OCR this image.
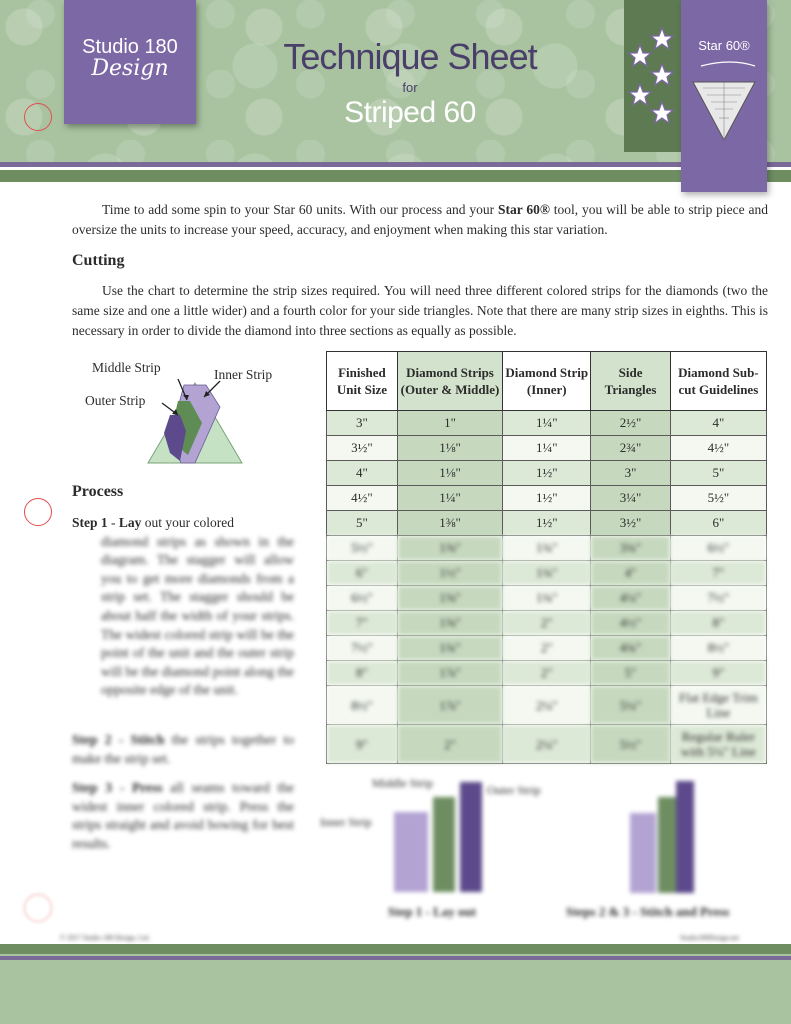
Studio 180
Design	Technique Sheet
for
Striped 60
Star 60®
Time to add some spin to your Star 60 units. With our process and your Star 60® tool, you will be able to strip piece and oversize the units to increase your speed, accuracy, and enjoyment when making this star variation.
Cutting
Use the chart to determine the strip sizes required. You will need three different colored strips for the diamonds (two the same size and one a little wider) and a fourth color for your side triangles. Note that there are many strip sizes in eighths. This is necessary in order to divide the diamond into three sections as equally as possible.
Middle Strip	Inner Strip
Outer Strip
Finished Unit Size	Diamond Strips (Outer & Middle)	Diamond Strip (Inner)	Side Triangles	Diamond Sub-cut Guidelines
3"	1"	1¼"	2½"	4"
3½"	1⅛"	1¼"	2¾"	4½"
4"	1⅛"	1½"	3"	5"
4½"	1¼"	1½"	3¼"	5½"
5"	1⅜"	1½"	3½"	6"
5½"	1⅜"	1¾"	3¾"	6½"
6"	1½"	1¾"	4"	7"
6½"	1⅝"	1¾"	4¼"	7½"
7"	1⅝"	2"	4½"	8"
7½"	1¾"	2"	4¾"	8½"
8"	1⅞"	2"	5"	9"
8½"	1⅞"	2¼"	5¼"	Flat Edge Trim Line
9"	2"	2¼"	5½"	Regular Ruler with 5¼" Line
Process
Step 1 - Lay out your colored
diamond strips as shown in the diagram. The stagger will allow you to get more diamonds from a strip set. The stagger should be about half the width of your strips. The widest colored strip will be the point of the unit and the outer strip will be the diamond point along the opposite edge of the unit.
Step 2 - Stitch the strips together to make the strip set.
Step 3 - Press all seams toward the widest inner colored strip. Press the strips straight and avoid bowing for best results.
Middle Strip	Outer Strip
Inner Strip
Step 1 - Lay out	Steps 2 & 3 - Stitch and Press
© 2017 Studio 180 Design, Ltd.	Studio180Design.net
